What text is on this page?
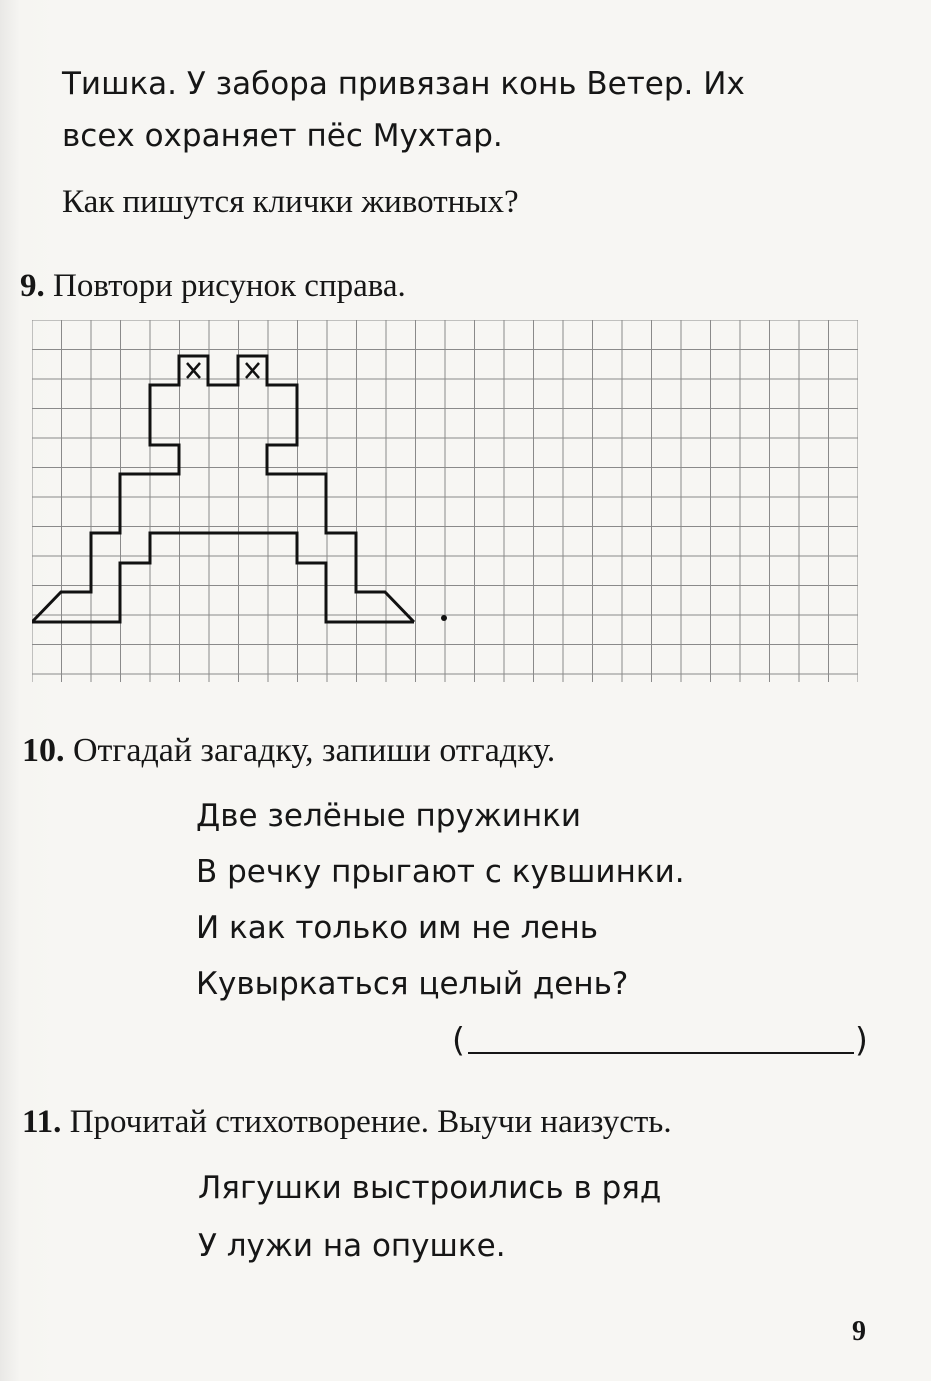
Тишка. У забора привязан конь Ветер. Их
всех охраняет пёс Мухтар.
Как пишутся клички животных?
9. Повтори рисунок справа.
10. Отгадай загадку, запиши отгадку.
Две зелёные пружинки
В речку прыгают с кувшинки.
И как только им не лень
Кувыркаться целый день?
(	)
11. Прочитай стихотворение. Выучи наизусть.
Лягушки выстроились в ряд
У лужи на опушке.
9
